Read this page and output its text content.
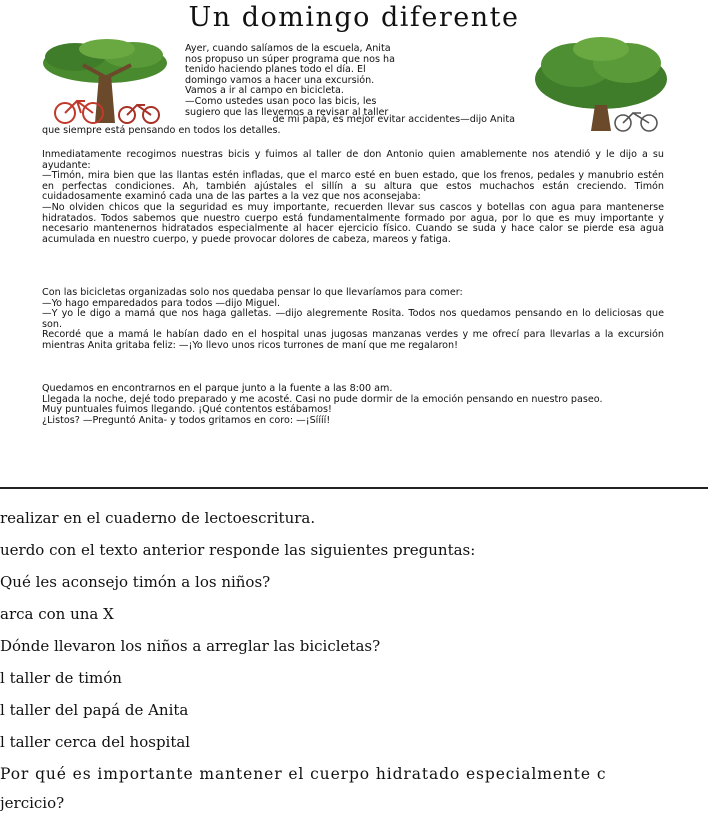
Un domingo diferente
Ayer, cuando salíamos de la escuela, Anita
nos propuso un súper programa que nos ha
tenido haciendo planes todo el día. El
domingo vamos a hacer una excursión.
Vamos a ir al campo en bicicleta.
—Como ustedes usan poco las bicis, les
sugiero que las llevemos a revisar al taller
de mi papá, es mejor evitar accidentes—dijo Anita
que siempre está pensando en todos los detalles.

Inmediatamente recogimos nuestras bicis y fuimos al taller de don Antonio quien amablemente nos atendió y le dijo a su ayudante:

—Timón, mira bien que las llantas estén infladas, que el marco esté en buen estado, que los frenos, pedales y manubrio estén en perfectas condiciones. Ah, también ajústales el sillín a su altura que estos muchachos están creciendo. Timón cuidadosamente examinó cada una de las partes a la vez que nos aconsejaba:

—No olviden chicos que la seguridad es muy importante, recuerden llevar sus cascos y botellas con agua para mantenerse hidratados. Todos sabemos que nuestro cuerpo está fundamentalmente formado por agua, por lo que es muy importante y necesario mantenernos hidratados especialmente al hacer ejercicio físico. Cuando se suda y hace calor se pierde esa agua acumulada en nuestro cuerpo, y puede provocar dolores de cabeza, mareos y fatiga.

Con las bicicletas organizadas solo nos quedaba pensar lo que llevaríamos para comer:

—Yo hago emparedados para todos —dijo Miguel.

—Y yo le digo a mamá que nos haga galletas. —dijo alegremente Rosita. Todos nos quedamos pensando en lo deliciosas que son.

Recordé que a mamá le habían dado en el hospital unas jugosas manzanas verdes y me ofrecí para llevarlas a la excursión mientras Anita gritaba feliz: —¡Yo llevo unos ricos turrones de maní que me regalaron!

Quedamos en encontrarnos en el parque junto a la fuente a las 8:00 am.

Llegada la noche, dejé todo preparado y me acosté. Casi no pude dormir de la emoción pensando en nuestro paseo.

Muy puntuales fuimos llegando. ¡Qué contentos estábamos!

¿Listos? —Preguntó Anita- y todos gritamos en coro: —¡Síííí!

realizar en el cuaderno de lectoescritura.
uerdo con el texto anterior responde las siguientes preguntas:
Qué les aconsejo timón a los niños?
arca con una X
Dónde llevaron los niños a arreglar las bicicletas?
l taller de timón
l taller del papá de Anita
l taller cerca del hospital
Por qué es importante mantener el cuerpo hidratado especialmente c
jercicio?
